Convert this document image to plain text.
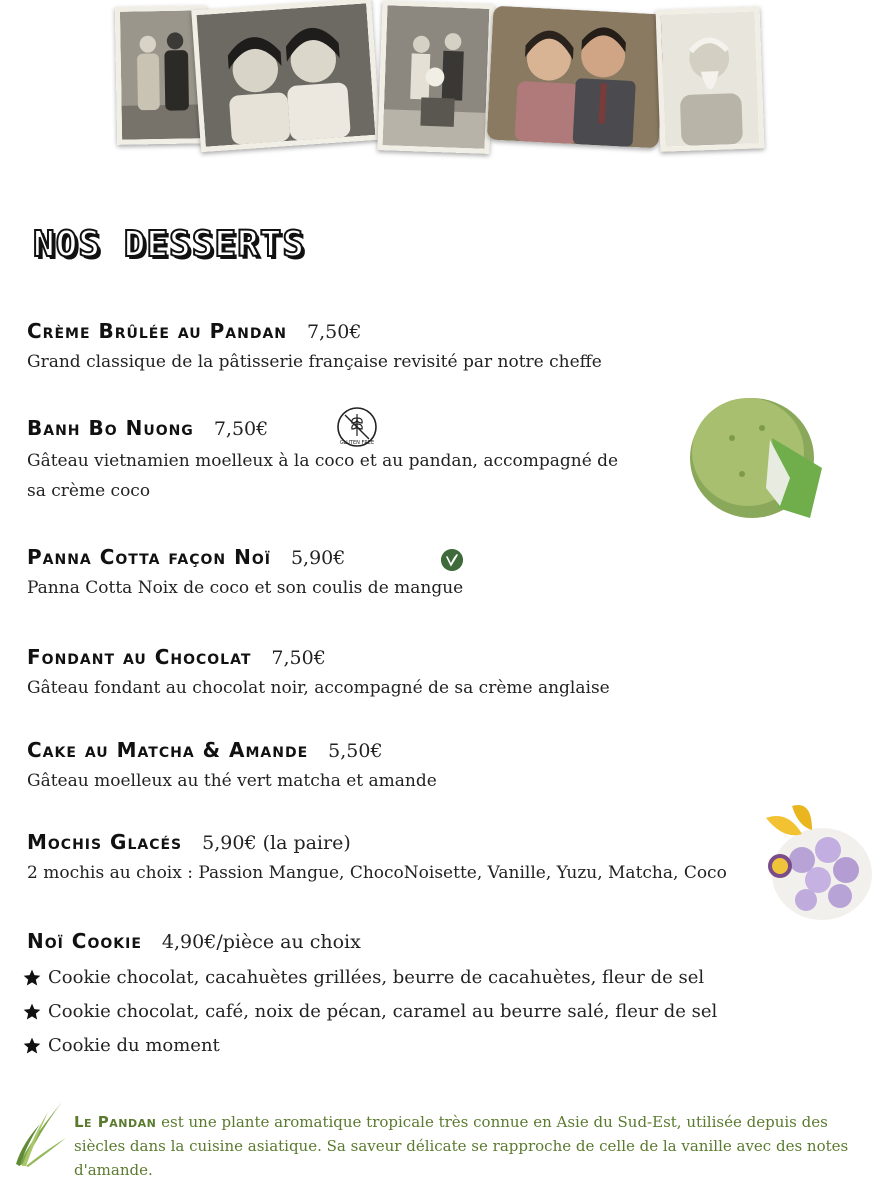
NOS DESSERTS
Crème Brûlée au Pandan 7,50€

Grand classique de la pâtisserie française revisité par notre cheffe

Banh Bo Nuong 7,50€

Gâteau vietnamien moelleux à la coco et au pandan, accompagné de
sa crème coco

GLUTEN FREE
Panna Cotta façon Noï 5,90€

Panna Cotta Noix de coco et son coulis de mangue

Fondant au Chocolat 7,50€

Gâteau fondant au chocolat noir, accompagné de sa crème anglaise

Cake au Matcha & Amande 5,50€

Gâteau moelleux au thé vert matcha et amande

Mochis Glacés 5,90€ (la paire)

2 mochis au choix : Passion Mangue, ChocoNoisette, Vanille, Yuzu, Matcha, Coco

Noï Cookie 4,90€/pièce au choix
Cookie chocolat, cacahuètes grillées, beurre de cacahuètes, fleur de sel
Cookie chocolat, café, noix de pécan, caramel au beurre salé, fleur de sel
Cookie du moment

Le Pandan est une plante aromatique tropicale très connue en Asie du Sud-Est, utilisée depuis des siècles dans la cuisine asiatique. Sa saveur délicate se rapproche de celle de la vanille avec des notes d'amande.
